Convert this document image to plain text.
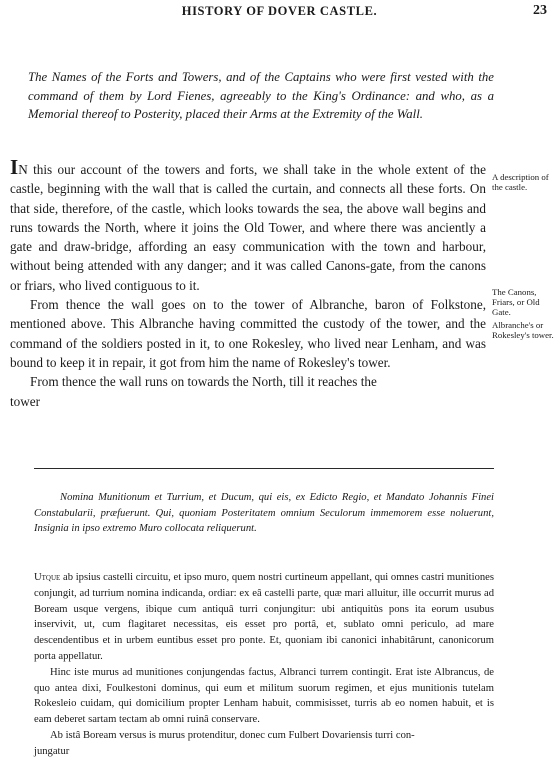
HISTORY OF DOVER CASTLE.	23

The Names of the Forts and Towers, and of the Captains who were first vested with the command of them by Lord Fienes, agreeably to the King's Ordinance: and who, as a Memorial thereof to Posterity, placed their Arms at the Extremity of the Wall.

IN this our account of the towers and forts, we shall take in the whole extent of the castle, beginning with the wall that is called the curtain, and connects all these forts. On that side, therefore, of the castle, which looks towards the sea, the above wall begins and runs towards the North, where it joins the Old Tower, and where there was anciently a gate and draw-bridge, affording an easy communication with the town and harbour, without being attended with any danger; and it was called Canons-gate, from the canons or friars, who lived contiguous to it.

From thence the wall goes on to the tower of Albranche, baron of Folkstone, mentioned above. This Albranche having committed the custody of the tower, and the command of the soldiers posted in it, to one Rokesley, who lived near Lenham, and was bound to keep it in repair, it got from him the name of Rokesley's tower.

From thence the wall runs on towards the North, till it reaches the

tower

A description of the castle.
The Canons, Friars, or Old Gate.
Albranche's or Rokesley's tower.

Nomina Munitionum et Turrium, et Ducum, qui eis, ex Edicto Regio, et Mandato Johannis Finei Constabularii, præfuerunt. Qui, quoniam Posteritatem omnium Seculorum immemorem esse noluerunt, Insignia in ipso extremo Muro collocata reliquerunt.

Utque ab ipsius castelli circuitu, et ipso muro, quem nostri curtineum appellant, qui omnes castri munitiones conjungit, ad turrium nomina indicanda, ordiar: ex eâ castelli parte, quæ mari alluitur, ille occurrit murus ad Boream usque vergens, ibique cum antiquâ turri conjungitur: ubi antiquitùs pons ita eorum usubus inservivit, ut, cum flagitaret necessitas, eis esset pro portâ, et, sublato omni periculo, ad mare descendentibus et in urbem euntibus esset pro ponte. Et, quoniam ibi canonici inhabitârunt, canonicorum porta appellatur.

Hinc iste murus ad munitiones conjungendas factus, Albranci turrem contingit. Erat iste Albrancus, de quo antea dixi, Foulkestoni dominus, qui eum et militum suorum regimen, et ejus munitionis tutelam Rokesleio cuidam, qui domicilium propter Lenham habuit, commisisset, turris ab eo nomen habuit, et is eam deberet sartam tectam ab omni ruinâ conservare.

Ab istâ Boream versus is murus protenditur, donec cum Fulbert Dovariensis turri con-

jungatur
